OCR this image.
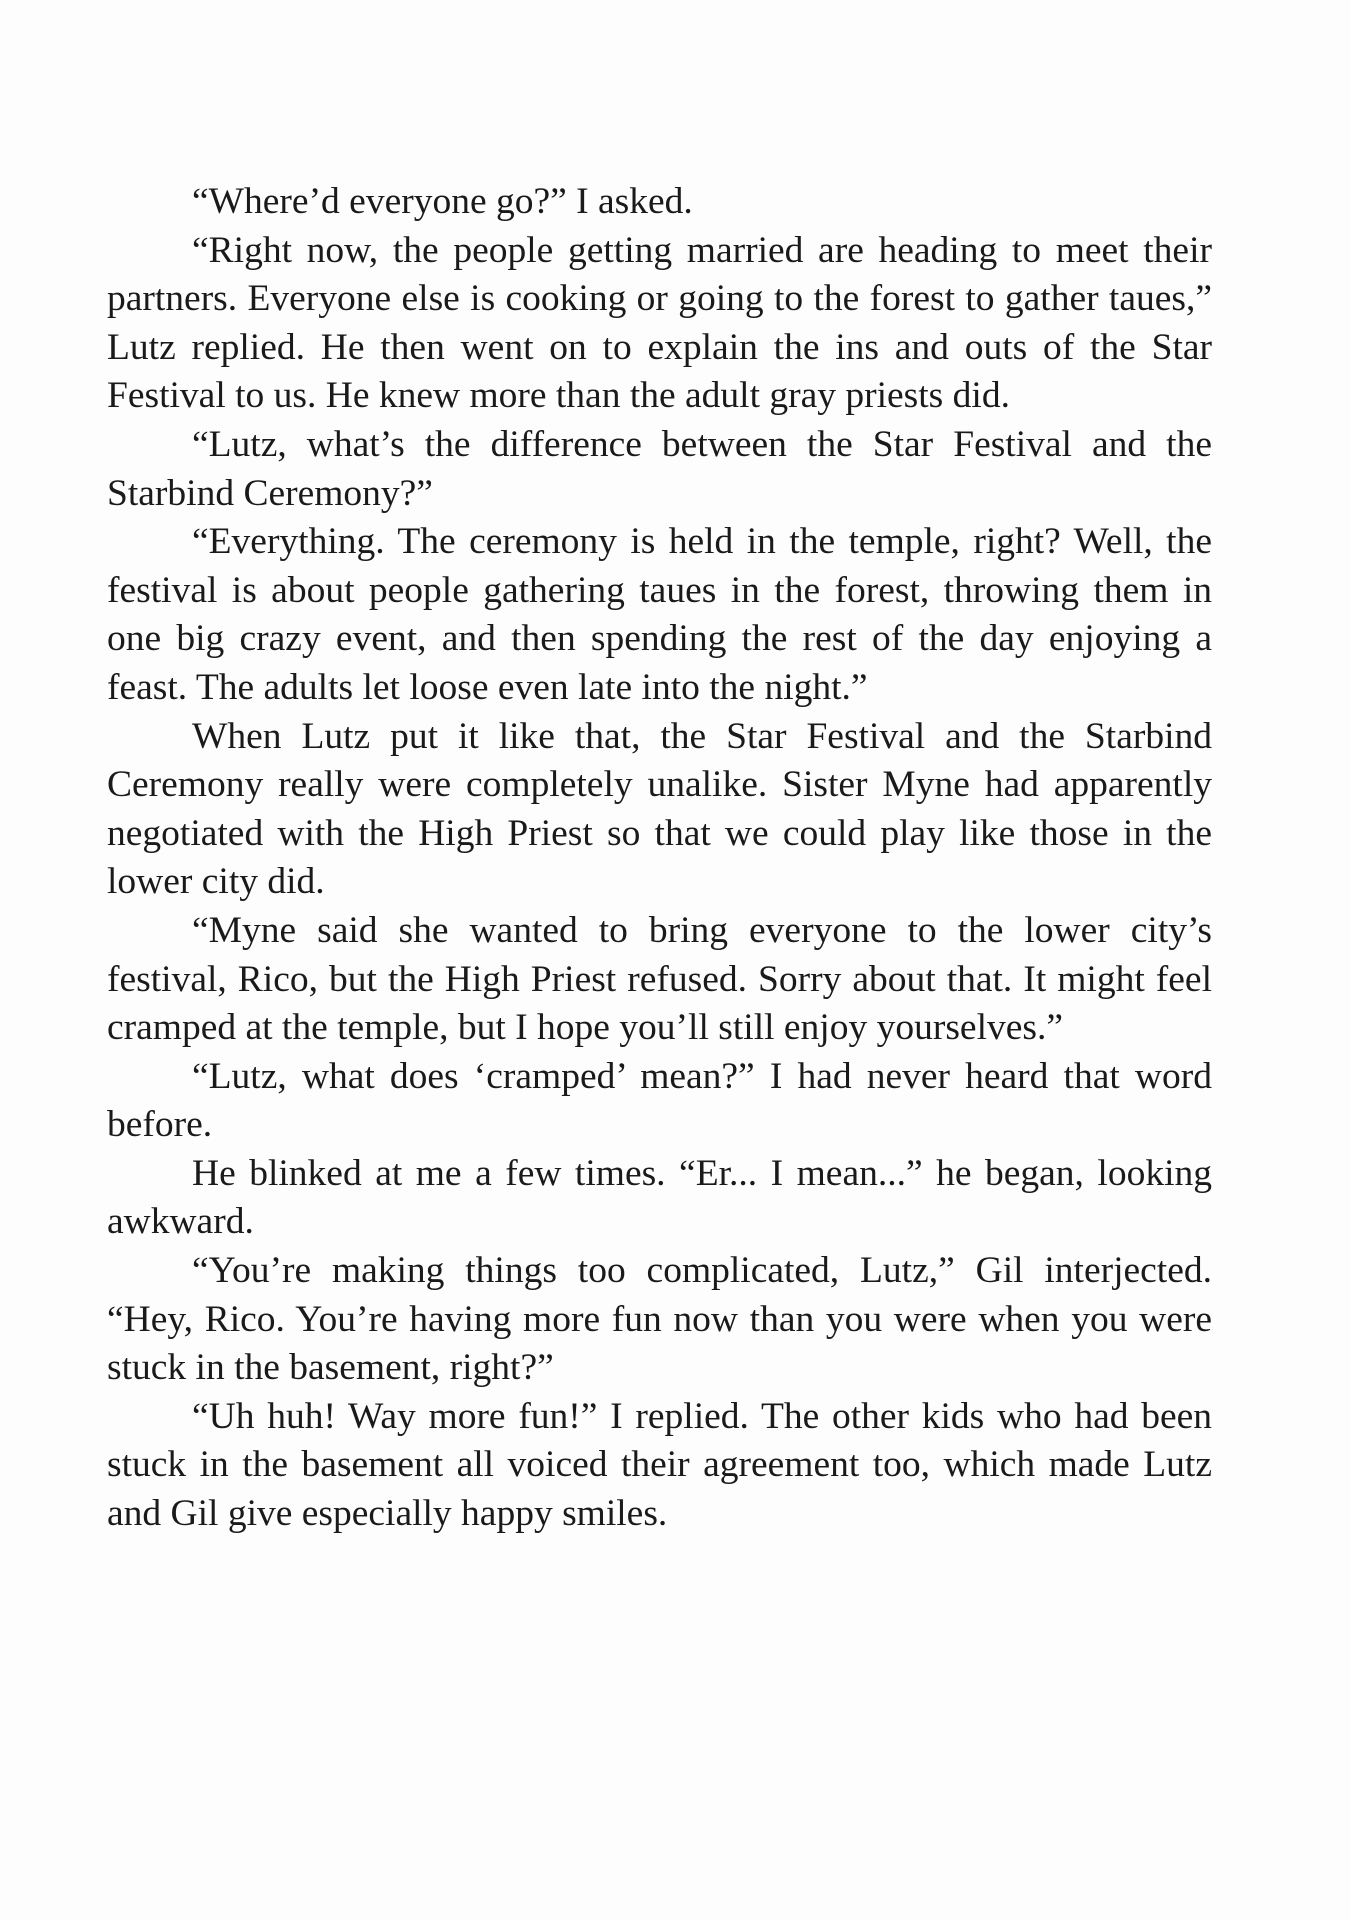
“Where’d everyone go?” I asked.

“Right now, the people getting married are heading to meet their partners. Everyone else is cooking or going to the forest to gather taues,” Lutz replied. He then went on to explain the ins and outs of the Star Festival to us. He knew more than the adult gray priests did.

“Lutz, what’s the difference between the Star Festival and the Starbind Ceremony?”

“Everything. The ceremony is held in the temple, right? Well, the festival is about people gathering taues in the forest, throwing them in one big crazy event, and then spending the rest of the day enjoying a feast. The adults let loose even late into the night.”

When Lutz put it like that, the Star Festival and the Starbind Ceremony really were completely unalike. Sister Myne had apparently negotiated with the High Priest so that we could play like those in the lower city did.

“Myne said she wanted to bring everyone to the lower city’s festival, Rico, but the High Priest refused. Sorry about that. It might feel cramped at the temple, but I hope you’ll still enjoy yourselves.”

“Lutz, what does ‘cramped’ mean?” I had never heard that word before.

He blinked at me a few times. “Er... I mean...” he began, looking awkward.

“You’re making things too complicated, Lutz,” Gil interjected. “Hey, Rico. You’re having more fun now than you were when you were stuck in the basement, right?”

“Uh huh! Way more fun!” I replied. The other kids who had been stuck in the basement all voiced their agreement too, which made Lutz and Gil give especially happy smiles.
